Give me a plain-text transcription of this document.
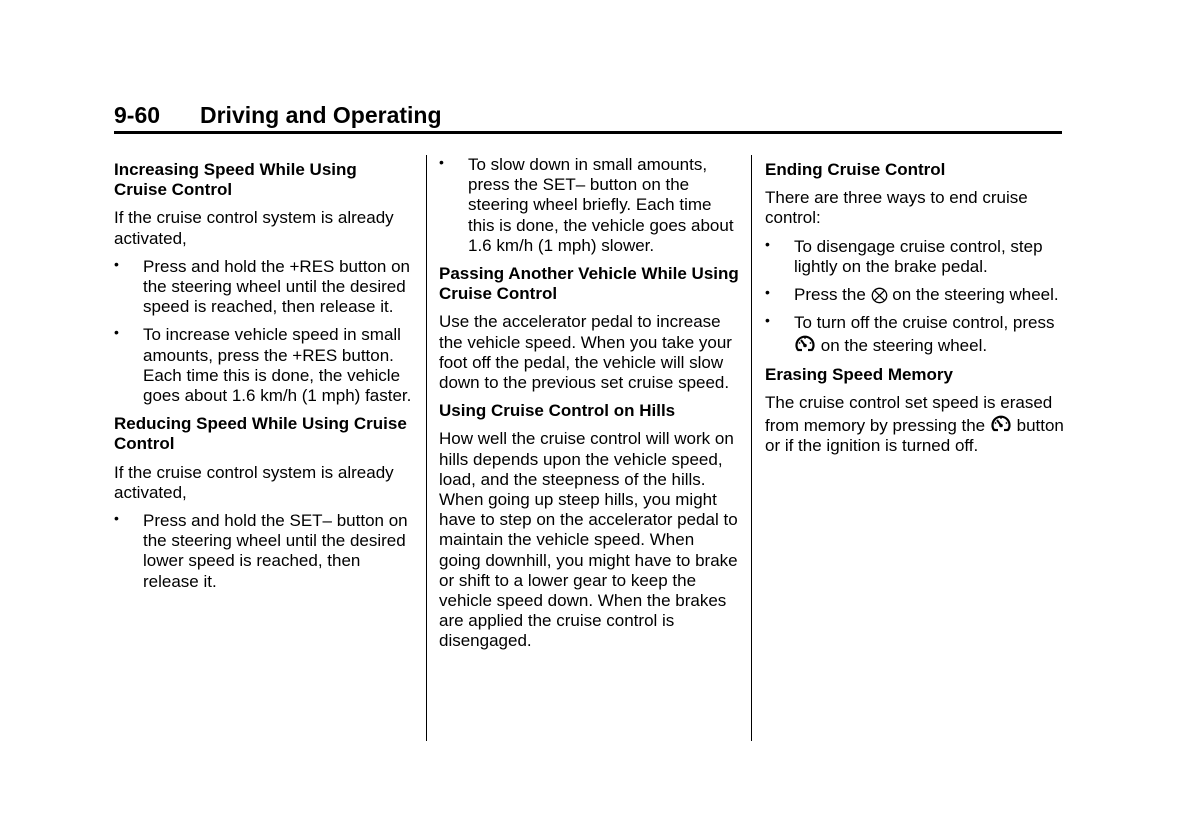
9-60 Driving and Operating
Increasing Speed While Using Cruise Control
If the cruise control system is already activated,
• Press and hold the +RES button on the steering wheel until the desired speed is reached, then release it.
• To increase vehicle speed in small amounts, press the +RES button. Each time this is done, the vehicle goes about 1.6 km/h (1 mph) faster.
Reducing Speed While Using Cruise Control
If the cruise control system is already activated,
• Press and hold the SET– button on the steering wheel until the desired lower speed is reached, then release it.
• To slow down in small amounts, press the SET– button on the steering wheel briefly. Each time this is done, the vehicle goes about 1.6 km/h (1 mph) slower.
Passing Another Vehicle While Using Cruise Control
Use the accelerator pedal to increase the vehicle speed. When you take your foot off the pedal, the vehicle will slow down to the previous set cruise speed.
Using Cruise Control on Hills
How well the cruise control will work on hills depends upon the vehicle speed, load, and the steepness of the hills. When going up steep hills, you might have to step on the accelerator pedal to maintain the vehicle speed. When going downhill, you might have to brake or shift to a lower gear to keep the vehicle speed down. When the brakes are applied the cruise control is disengaged.
Ending Cruise Control
There are three ways to end cruise control:
• To disengage cruise control, step lightly on the brake pedal.
• Press the on the steering wheel.
• To turn off the cruise control, press
on the steering wheel.
Erasing Speed Memory
The cruise control set speed is erased from memory by pressing the button or if the ignition is turned off.
